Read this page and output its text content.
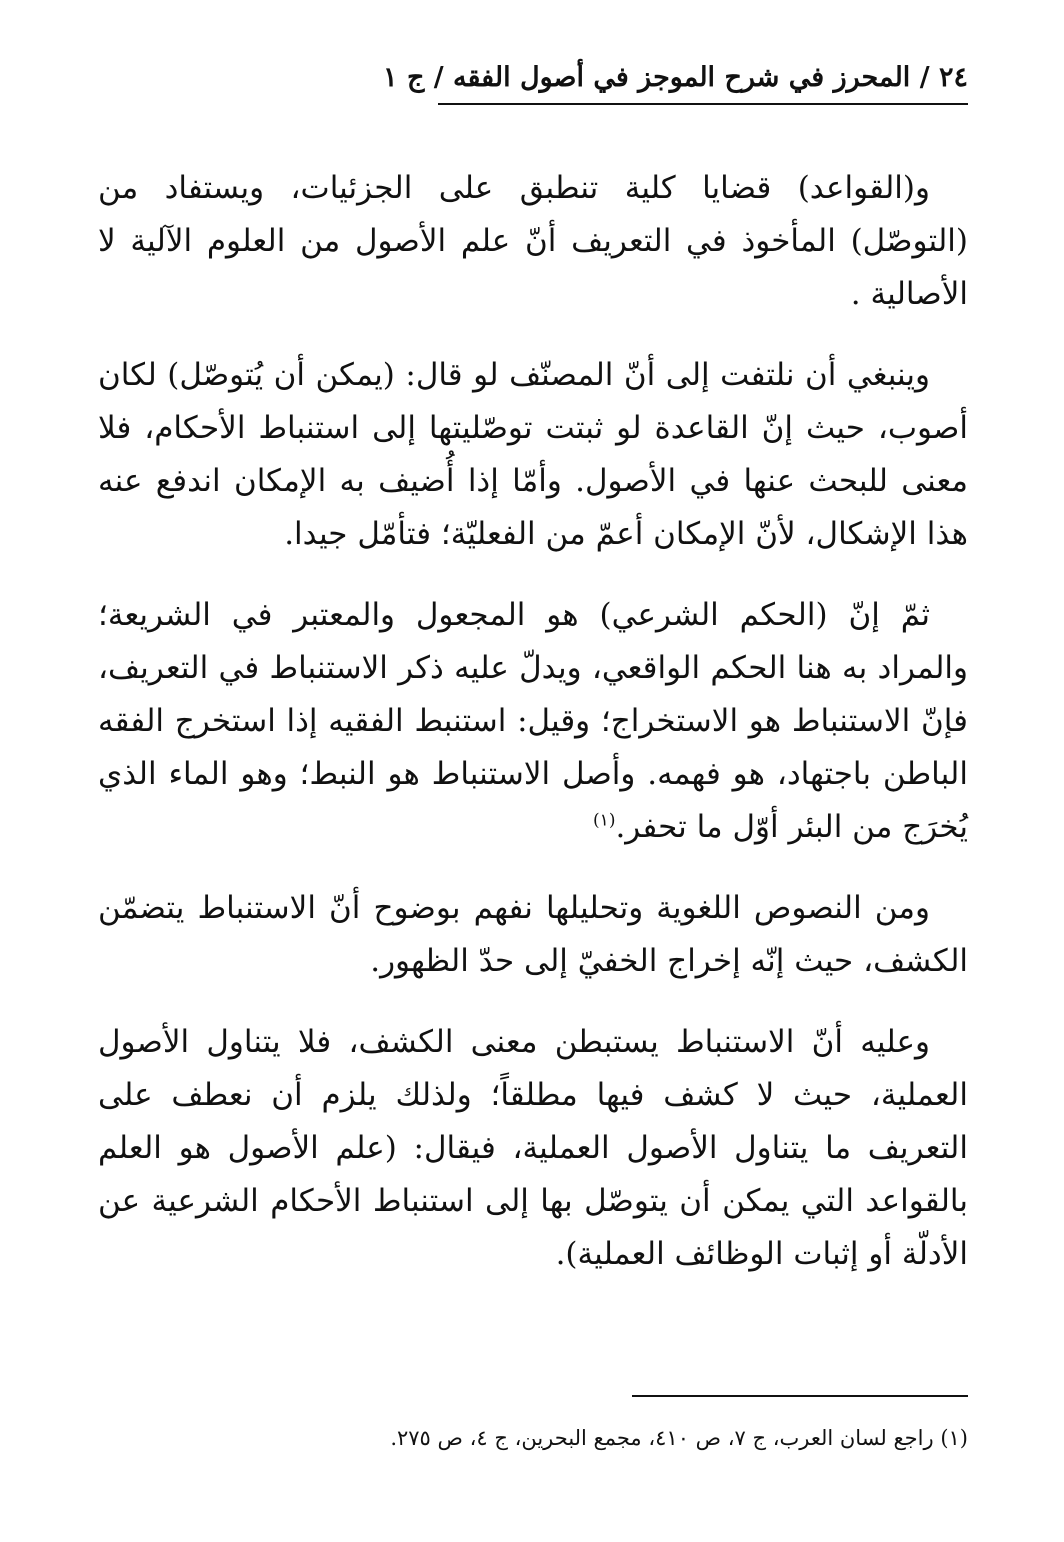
٢٤ / المحرز في شرح الموجز في أصول الفقه / ج ١

و(القواعد) قضايا كلية تنطبق على الجزئيات، ويستفاد من (التوصّل) المأخوذ في التعريف أنّ علم الأصول من العلوم الآلية لا الأصالية .

وينبغي أن نلتفت إلى أنّ المصنّف لو قال: (يمكن أن يُتوصّل) لكان أصوب، حيث إنّ القاعدة لو ثبتت توصّليتها إلى استنباط الأحكام، فلا معنى للبحث عنها في الأصول. وأمّا إذا أُضيف به الإمكان اندفع عنه هذا الإشكال، لأنّ الإمكان أعمّ من الفعليّة؛ فتأمّل جيدا.

ثمّ إنّ (الحكم الشرعي) هو المجعول والمعتبر في الشريعة؛ والمراد به هنا الحكم الواقعي، ويدلّ عليه ذكر الاستنباط في التعريف، فإنّ الاستنباط هو الاستخراج؛ وقيل: استنبط الفقيه إذا استخرج الفقه الباطن باجتهاد، هو فهمه. وأصل الاستنباط هو النبط؛ وهو الماء الذي يُخرَج من البئر أوّل ما تحفر.$^{(١)}$

ومن النصوص اللغوية وتحليلها نفهم بوضوح أنّ الاستنباط يتضمّن الكشف، حيث إنّه إخراج الخفيّ إلى حدّ الظهور.

وعليه أنّ الاستنباط يستبطن معنى الكشف، فلا يتناول الأصول العملية، حيث لا كشف فيها مطلقاً؛ ولذلك يلزم أن نعطف على التعريف ما يتناول الأصول العملية، فيقال: (علم الأصول هو العلم بالقواعد التي يمكن أن يتوصّل بها إلى استنباط الأحكام الشرعية عن الأدلّة أو إثبات الوظائف العملية).

(١) راجع لسان العرب، ج ٧، ص ٤١٠، مجمع البحرين، ج ٤، ص ٢٧٥.
